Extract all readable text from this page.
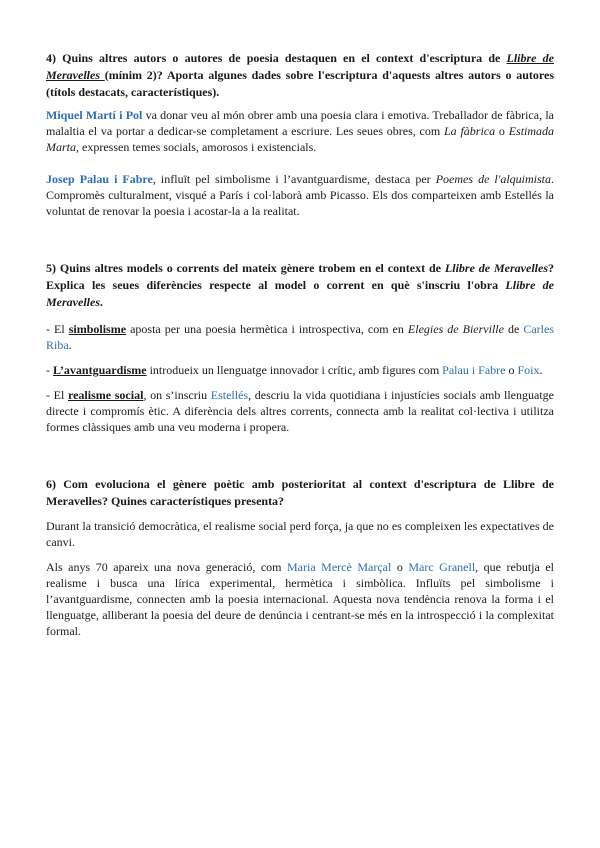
4) Quins altres autors o autores de poesia destaquen en el context d'escriptura de Llibre de Meravelles (mínim 2)? Aporta algunes dades sobre l'escriptura d'aquests altres autors o autores (títols destacats, característiques).

Miquel Martí i Pol va donar veu al món obrer amb una poesia clara i emotiva. Treballador de fàbrica, la malaltia el va portar a dedicar-se completament a escriure. Les seues obres, com La fàbrica o Estimada Marta, expressen temes socials, amorosos i existencials.

Josep Palau i Fabre, influït pel simbolisme i l’avantguardisme, destaca per Poemes de l'alquimista. Compromès culturalment, visqué a París i col·laborà amb Picasso. Els dos comparteixen amb Estellés la voluntat de renovar la poesia i acostar-la a la realitat.

5) Quins altres models o corrents del mateix gènere trobem en el context de Llibre de Meravelles? Explica les seues diferències respecte al model o corrent en què s'inscriu l'obra Llibre de Meravelles.

- El simbolisme aposta per una poesia hermètica i introspectiva, com en Elegies de Bierville de Carles Riba.

- L’avantguardisme introdueix un llenguatge innovador i crític, amb figures com Palau i Fabre o Foix.

- El realisme social, on s’inscriu Estellés, descriu la vida quotidiana i injustícies socials amb llenguatge directe i compromís ètic. A diferència dels altres corrents, connecta amb la realitat col·lectiva i utilitza formes clàssiques amb una veu moderna i propera.

6) Com evoluciona el gènere poètic amb posterioritat al context d'escriptura de Llibre de Meravelles? Quines característiques presenta?

Durant la transició democràtica, el realisme social perd força, ja que no es compleixen les expectatives de canvi.

Als anys 70 apareix una nova generació, com Maria Mercè Marçal o Marc Granell, que rebutja el realisme i busca una lírica experimental, hermètica i simbòlica. Influïts pel simbolisme i l’avantguardisme, connecten amb la poesia internacional. Aquesta nova tendència renova la forma i el llenguatge, alliberant la poesia del deure de denúncia i centrant-se més en la introspecció i la complexitat formal.
